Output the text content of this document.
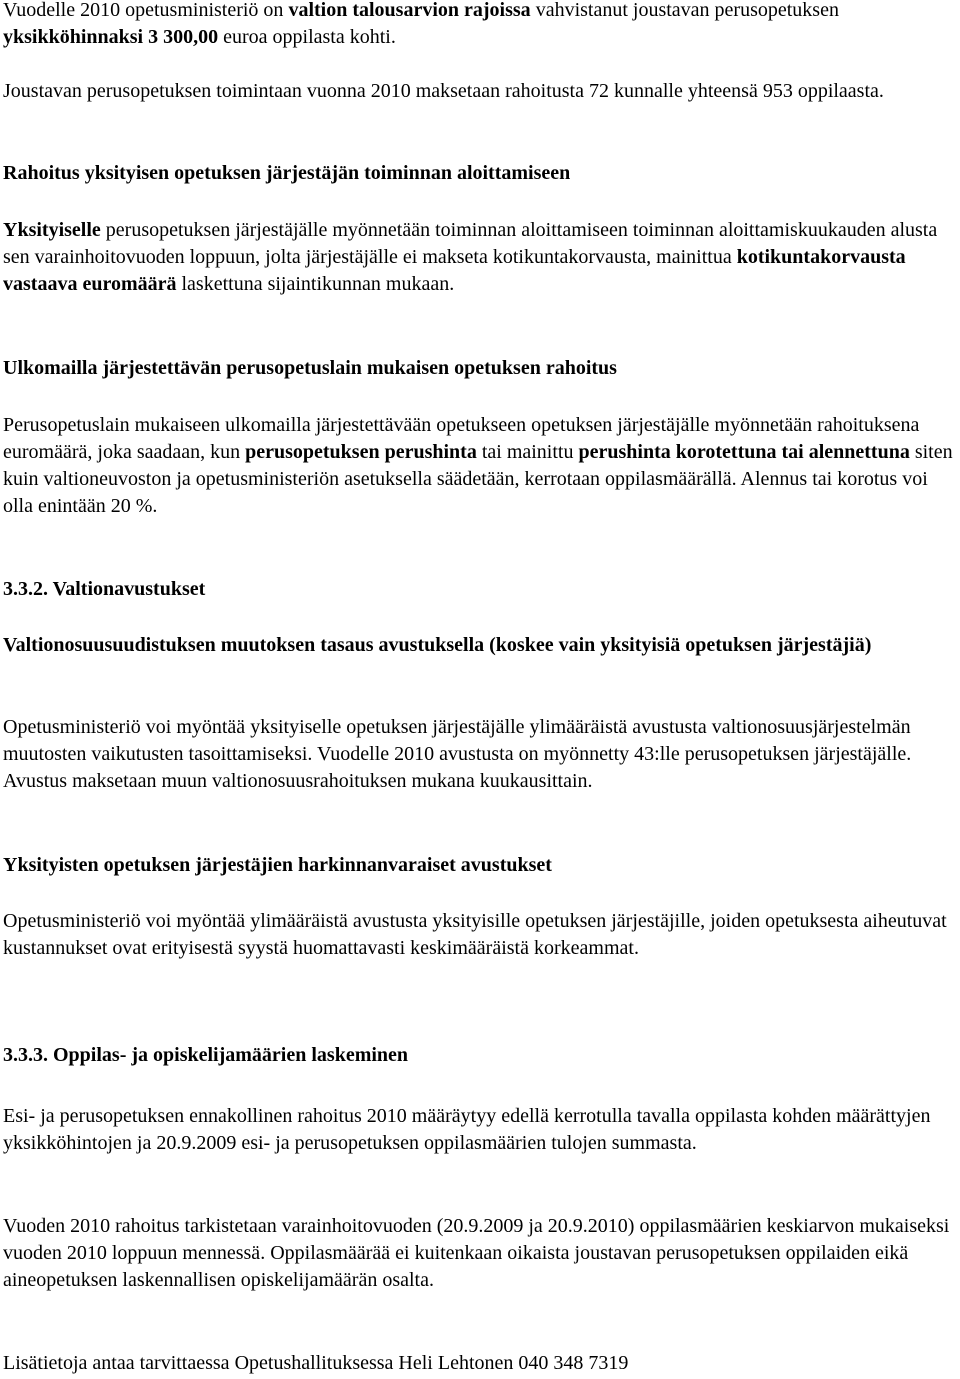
Vuodelle 2010 opetusministeriö on valtion talousarvion rajoissa vahvistanut joustavan perusopetuksen yksikköhinnaksi 3 300,00 euroa oppilasta kohti.

Joustavan perusopetuksen toimintaan vuonna 2010 maksetaan rahoitusta 72 kunnalle yhteensä 953 oppilaasta.

Rahoitus yksityisen opetuksen järjestäjän toiminnan aloittamiseen

Yksityiselle perusopetuksen järjestäjälle myönnetään toiminnan aloittamiseen toiminnan aloittamiskuukauden alusta sen varainhoitovuoden loppuun, jolta järjestäjälle ei makseta kotikuntakorvausta, mainittua kotikuntakorvausta vastaava euromäärä laskettuna sijaintikunnan mukaan.

Ulkomailla järjestettävän perusopetuslain mukaisen opetuksen rahoitus

Perusopetuslain mukaiseen ulkomailla järjestettävään opetukseen opetuksen järjestäjälle myönnetään rahoituksena euromäärä, joka saadaan, kun perusopetuksen perushinta tai mainittu perushinta korotettuna tai alennettuna siten kuin valtioneuvoston ja opetusministeriön asetuksella säädetään, kerrotaan oppilasmäärällä. Alennus tai korotus voi olla enintään 20 %.

3.3.2. Valtionavustukset
Valtionosuusuudistuksen muutoksen tasaus avustuksella (koskee vain yksityisiä opetuksen järjestäjiä)

Opetusministeriö voi myöntää yksityiselle opetuksen järjestäjälle ylimääräistä avustusta valtionosuusjärjestelmän muutosten vaikutusten tasoittamiseksi. Vuodelle 2010 avustusta on myönnetty 43:lle perusopetuksen järjestäjälle. Avustus maksetaan muun valtionosuusrahoituksen mukana kuukausittain.

Yksityisten opetuksen järjestäjien harkinnanvaraiset avustukset

Opetusministeriö voi myöntää ylimääräistä avustusta yksityisille opetuksen järjestäjille, joiden opetuksesta aiheutuvat kustannukset ovat erityisestä syystä huomattavasti keskimääräistä korkeammat.

3.3.3. Oppilas- ja opiskelijamäärien laskeminen

Esi- ja perusopetuksen ennakollinen rahoitus 2010 määräytyy edellä kerrotulla tavalla oppilasta kohden määrättyjen yksikköhintojen ja 20.9.2009 esi- ja perusopetuksen oppilasmäärien tulojen summasta.

Vuoden 2010 rahoitus tarkistetaan varainhoitovuoden (20.9.2009 ja 20.9.2010) oppilasmäärien keskiarvon mukaiseksi vuoden 2010 loppuun mennessä. Oppilasmäärää ei kuitenkaan oikaista joustavan perusopetuksen oppilaiden eikä aineopetuksen laskennallisen opiskelijamäärän osalta.

Lisätietoja antaa tarvittaessa Opetushallituksessa Heli Lehtonen 040 348 7319
